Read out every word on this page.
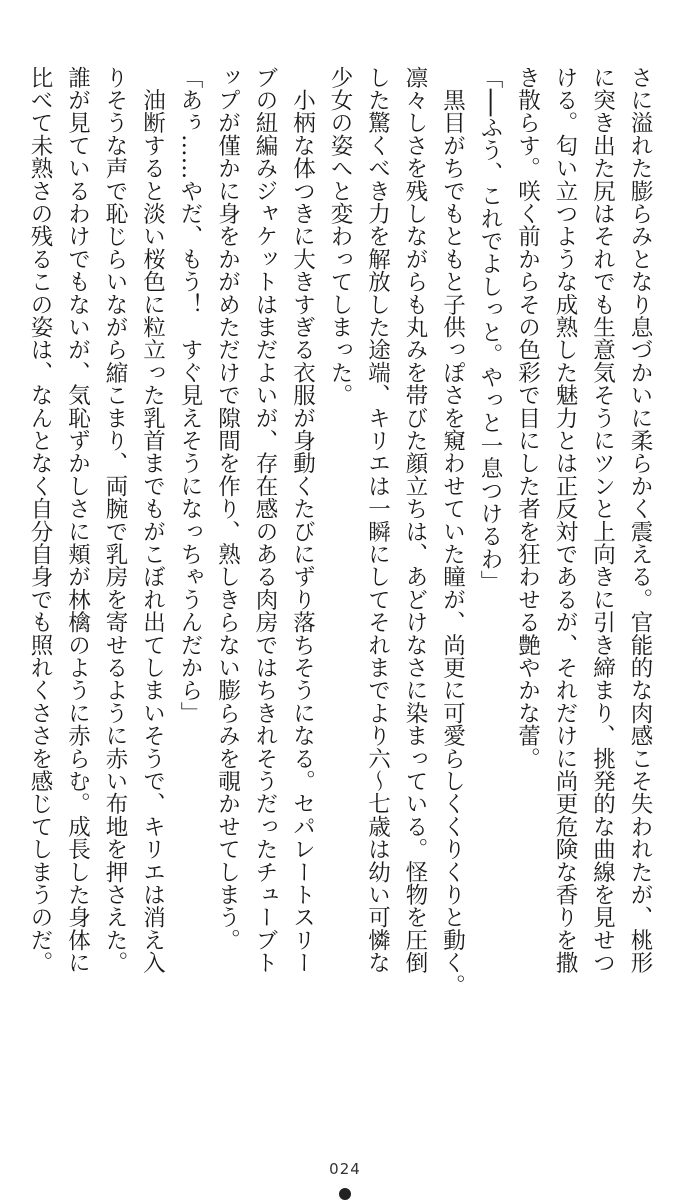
さに溢れた膨らみとなり息づかいに柔らかく震える。官能的な肉感こそ失われたが、桃形
に突き出た尻はそれでも生意気そうにツンと上向きに引き締まり、挑発的な曲線を見せつ
ける。匂い立つような成熟した魅力とは正反対であるが、それだけに尚更危険な香りを撒
き散らす。咲く前からその色彩で目にした者を狂わせる艶やかな蕾。
「──ふう、これでよしっと。やっと一息つけるわ」
　黒目がちでもともと子供っぽさを窺わせていた瞳が、尚更に可愛らしくくりくりと動く。
凛々しさを残しながらも丸みを帯びた顔立ちは、あどけなさに染まっている。怪物を圧倒
した驚くべき力を解放した途端、キリエは一瞬にしてそれまでより六～七歳は幼い可憐な
少女の姿へと変わってしまった。
　小柄な体つきに大きすぎる衣服が身動くたびにずり落ちそうになる。セパレートスリー
ブの紐編みジャケットはまだよいが、存在感のある肉房ではちきれそうだったチューブト
ップが僅かに身をかがめただけで隙間を作り、熟しきらない膨らみを覗かせてしまう。
「あぅ……やだ、もう！　すぐ見えそうになっちゃうんだから」
　油断すると淡い桜色に粒立った乳首までもがこぼれ出てしまいそうで、キリエは消え入
りそうな声で恥じらいながら縮こまり、両腕で乳房を寄せるように赤い布地を押さえた。
誰が見ているわけでもないが、気恥ずかしさに頬が林檎のように赤らむ。成長した身体に
比べて未熟さの残るこの姿は、なんとなく自分自身でも照れくささを感じてしまうのだ。
024
